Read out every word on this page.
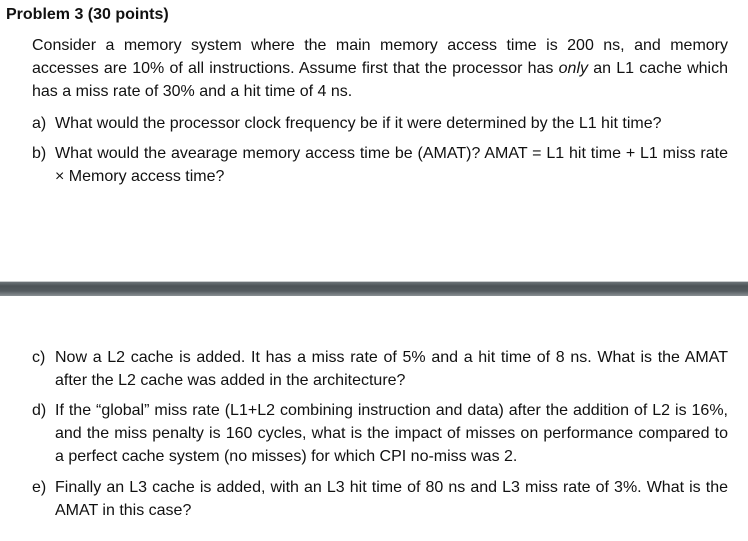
Problem 3 (30 points)
Consider a memory system where the main memory access time is 200 ns, and memory accesses are 10% of all instructions. Assume first that the processor has only an L1 cache which has a miss rate of 30% and a hit time of 4 ns.
a) What would the processor clock frequency be if it were determined by the L1 hit time?
b) What would the avearage memory access time be (AMAT)? AMAT = L1 hit time + L1 miss rate × Memory access time?
c) Now a L2 cache is added. It has a miss rate of 5% and a hit time of 8 ns. What is the AMAT after the L2 cache was added in the architecture?
d) If the “global” miss rate (L1+L2 combining instruction and data) after the addition of L2 is 16%, and the miss penalty is 160 cycles, what is the impact of misses on performance compared to a perfect cache system (no misses) for which CPI no-miss was 2.
e) Finally an L3 cache is added, with an L3 hit time of 80 ns and L3 miss rate of 3%. What is the AMAT in this case?
